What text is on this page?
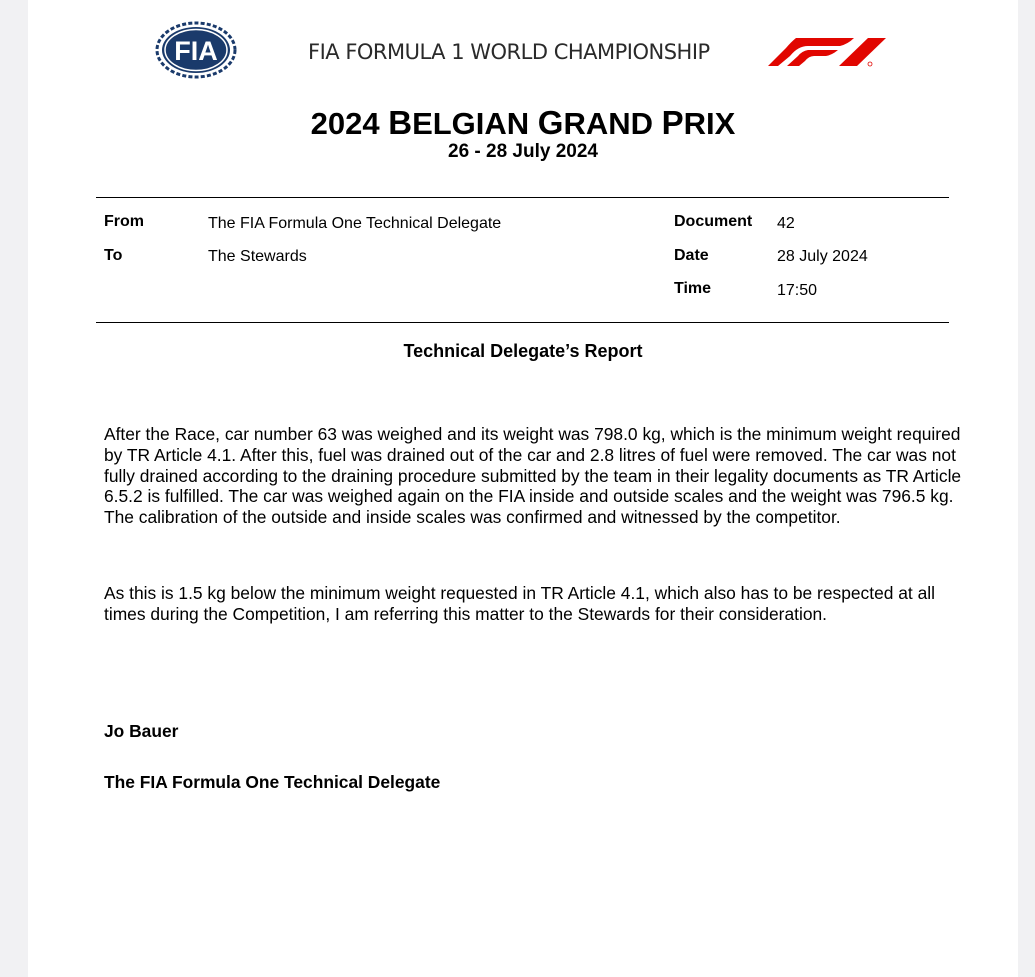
FIA	FIA FORMULA 1 WORLD CHAMPIONSHIP
2024 BELGIAN GRAND PRIX
26 - 28 July 2024
From	The FIA Formula One Technical Delegate
To	The Stewards
Document 42
Date	28 July 2024
Time	17:50
Technical Delegate’s Report

After the Race, car number 63 was weighed and its weight was 798.0 kg, which is the minimum weight required by TR Article 4.1. After this, fuel was drained out of the car and 2.8 litres of fuel were removed. The car was not fully drained according to the draining procedure submitted by the team in their legality documents as TR Article 6.5.2 is fulfilled. The car was weighed again on the FIA inside and outside scales and the weight was 796.5 kg. The calibration of the outside and inside scales was confirmed and witnessed by the competitor.

As this is 1.5 kg below the minimum weight requested in TR Article 4.1, which also has to be respected at all times during the Competition, I am referring this matter to the Stewards for their consideration.

Jo Bauer
The FIA Formula One Technical Delegate
